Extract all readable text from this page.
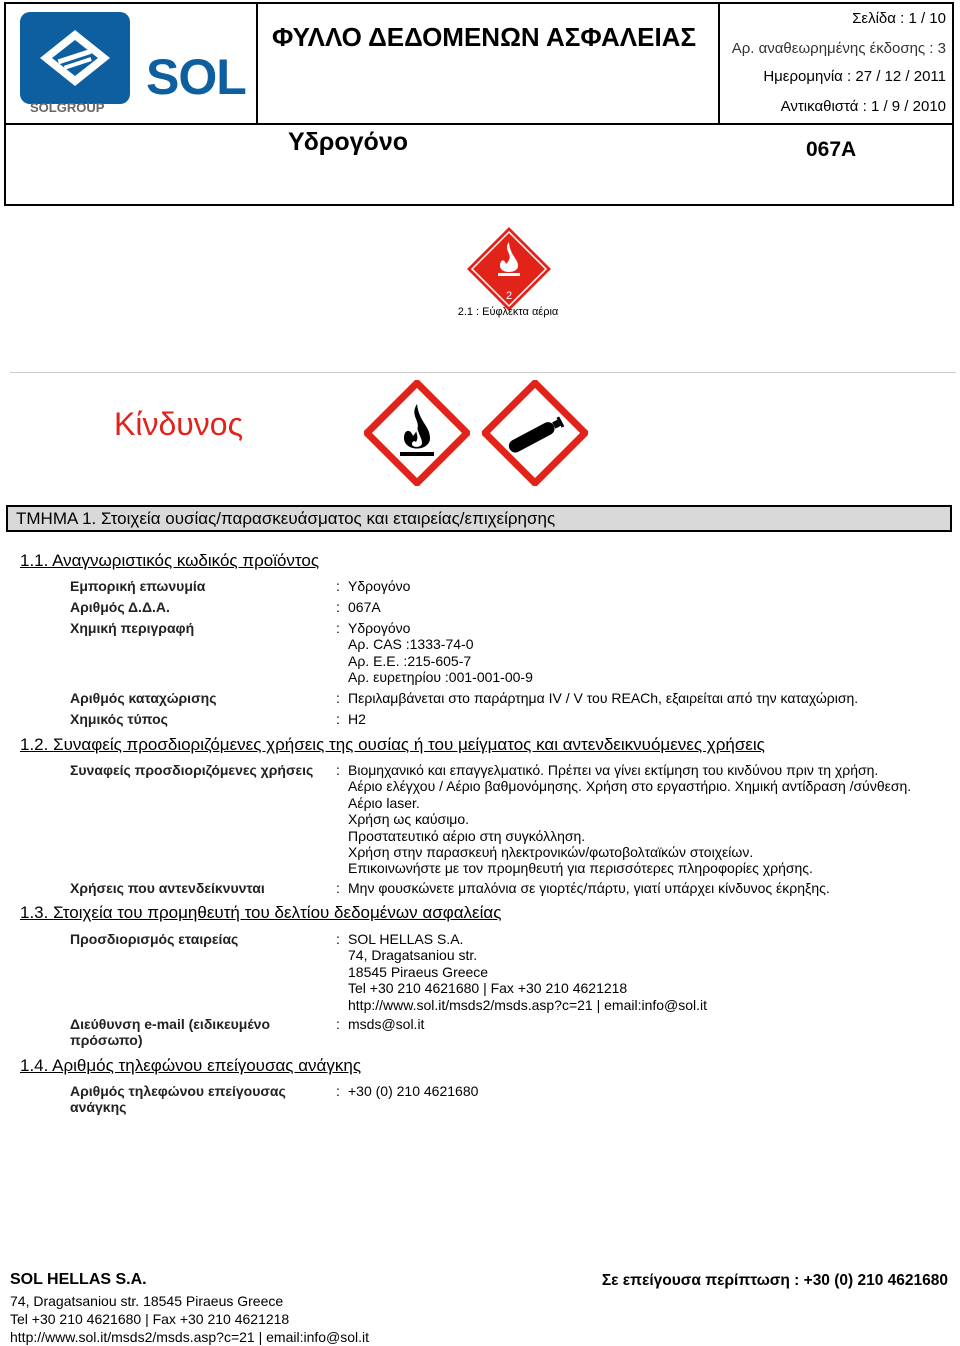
SOL
SOLGROUP
ΦΥΛΛΟ ΔΕΔΟΜΕΝΩΝ ΑΣΦΑΛΕΙΑΣ
Σελίδα : 1 / 10
Αρ. αναθεωρημένης έκδοσης : 3
Ημερομηνία : 27 / 12 / 2011
Αντικαθιστά : 1 / 9 / 2010
Υδρογόνο	067A
2
2.1 : Εύφλεκτα αέρια
Κίνδυνος
ΤΜΗΜΑ 1. Στοιχεία ουσίας/παρασκευάσματος και εταιρείας/επιχείρησης
1.1. Αναγνωριστικός κωδικός προϊόντος
Εμπορική επωνυμία	: Υδρογόνο
Αριθμός Δ.Δ.Α.	: 067A
Χημική περιγραφή	: Υδρογόνο
Αρ. CAS :1333-74-0
Αρ. Ε.Ε. :215-605-7
Αρ. ευρετηρίου :001-001-00-9
Αριθμός καταχώρισης	: Περιλαμβάνεται στο παράρτημα IV / V του REACh, εξαιρείται από την καταχώριση.
Χημικός τύπος	: H2
1.2. Συναφείς προσδιοριζόμενες χρήσεις της ουσίας ή του μείγματος και αντενδεικνυόμενες χρήσεις
Συναφείς προσδιοριζόμενες χρήσεις : Βιομηχανικό και επαγγελματικό. Πρέπει να γίνει εκτίμηση του κινδύνου πριν τη χρήση.
Αέριο ελέγχου / Αέριο βαθμονόμησης. Χρήση στο εργαστήριο. Χημική αντίδραση /σύνθεση.
Αέριο laser.
Χρήση ως καύσιμο.
Προστατευτικό αέριο στη συγκόλληση.
Χρήση στην παρασκευή ηλεκτρονικών/φωτοβολταϊκών στοιχείων.
Επικοινωνήστε με τον προμηθευτή για περισσότερες πληροφορίες χρήσης.
Χρήσεις που αντενδείκνυνται	: Μην φουσκώνετε μπαλόνια σε γιορτές/πάρτυ, γιατί υπάρχει κίνδυνος έκρηξης.
1.3. Στοιχεία του προμηθευτή του δελτίου δεδομένων ασφαλείας
Προσδιορισμός εταιρείας	: SOL HELLAS S.A.
74, Dragatsaniou str.
18545 Piraeus Greece
Tel +30 210 4621680 | Fax +30 210 4621218
http://www.sol.it/msds2/msds.asp?c=21 | email:info@sol.it
Διεύθυνση e-mail (ειδικευμένο
πρόσωπο)
: msds@sol.it
1.4. Αριθμός τηλεφώνου επείγουσας ανάγκης
Αριθμός τηλεφώνου επείγουσας
ανάγκης
: +30 (0) 210 4621680
SOL HELLAS S.A.
74, Dragatsaniou str. 18545 Piraeus Greece
Tel +30 210 4621680 | Fax +30 210 4621218
http://www.sol.it/msds2/msds.asp?c=21 | email:info@sol.it
Σε επείγουσα περίπτωση : +30 (0) 210 4621680
